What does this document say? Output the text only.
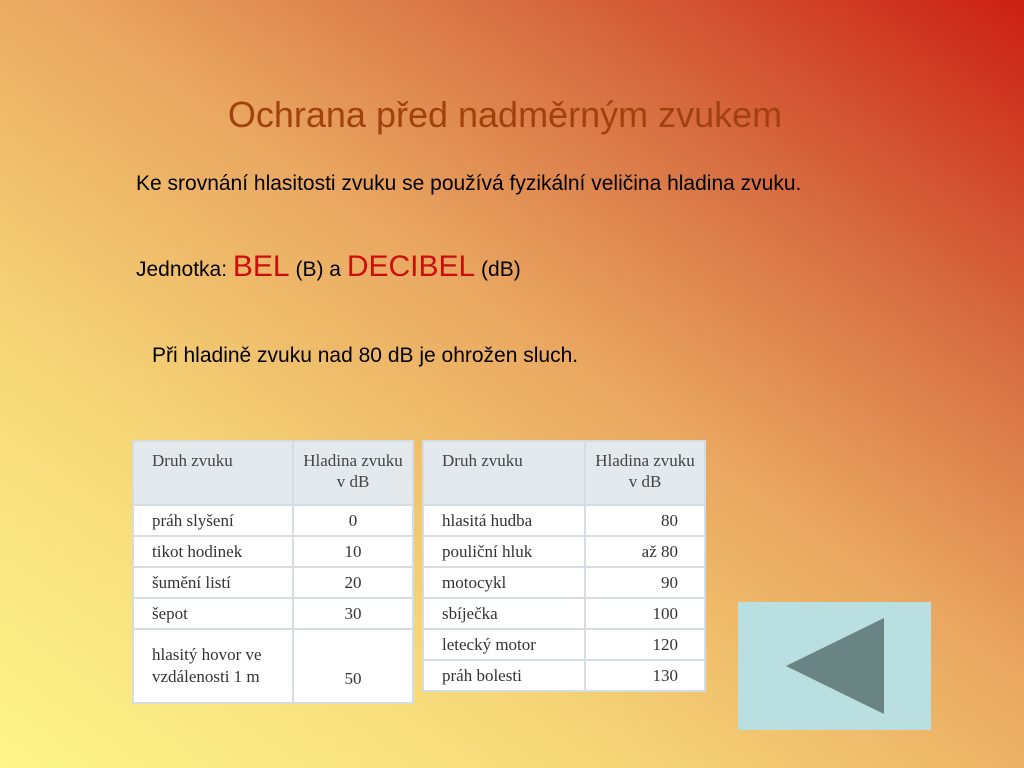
Ochrana před nadměrným zvukem
Ke srovnání hlasitosti zvuku se používá fyzikální veličina hladina zvuku.
Jednotka: BEL (B) a DECIBEL (dB)
Při hladině zvuku nad 80 dB je ohrožen sluch.
Druh zvuku	Hladina zvuku
v dB
práh slyšení	0
tikot hodinek	10
šumění listí	20
šepot	30
hlasitý hovor ve
vzdálenosti 1 m	50
Druh zvuku	Hladina zvuku
v dB
hlasitá hudba	80
pouliční hluk	až 80
motocykl	90
sbíječka	100
letecký motor	120
práh bolesti	130
